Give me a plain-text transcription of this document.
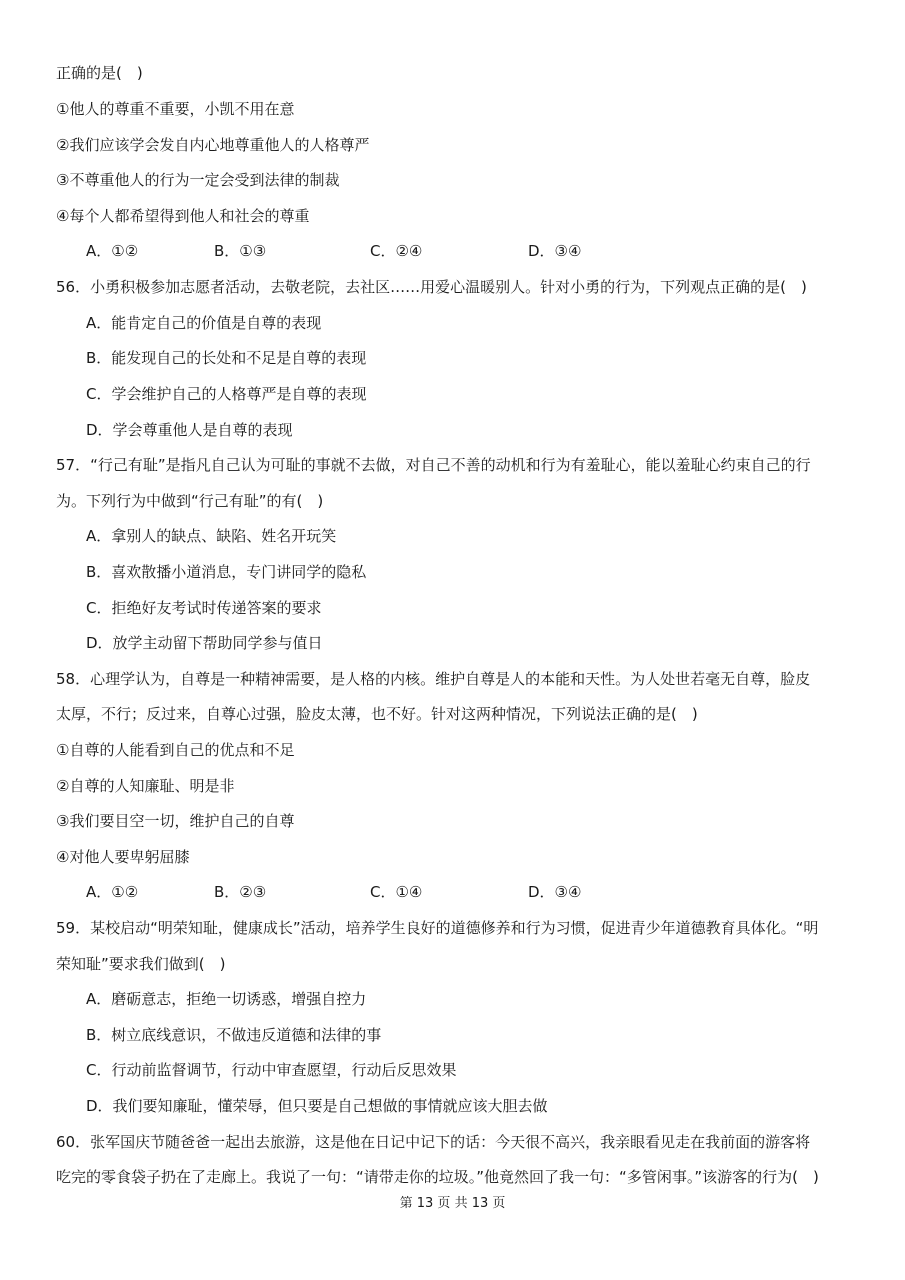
正确的是(　)
①他人的尊重不重要，小凯不用在意
②我们应该学会发自内心地尊重他人的人格尊严
③不尊重他人的行为一定会受到法律的制裁
④每个人都希望得到他人和社会的尊重
A．①②	B．①③	C．②④	D．③④
56．小勇积极参加志愿者活动，去敬老院，去社区……用爱心温暖别人。针对小勇的行为，下列观点正确的是(　)
A．能肯定自己的价值是自尊的表现
B．能发现自己的长处和不足是自尊的表现
C．学会维护自己的人格尊严是自尊的表现
D．学会尊重他人是自尊的表现
57．“行己有耻”是指凡自己认为可耻的事就不去做，对自己不善的动机和行为有羞耻心，能以羞耻心约束自己的行
为。下列行为中做到“行己有耻”的有(　)
A．拿别人的缺点、缺陷、姓名开玩笑
B．喜欢散播小道消息，专门讲同学的隐私
C．拒绝好友考试时传递答案的要求
D．放学主动留下帮助同学参与值日
58．心理学认为，自尊是一种精神需要，是人格的内核。维护自尊是人的本能和天性。为人处世若毫无自尊，脸皮
太厚，不行；反过来，自尊心过强，脸皮太薄，也不好。针对这两种情况，下列说法正确的是(　)
①自尊的人能看到自己的优点和不足
②自尊的人知廉耻、明是非
③我们要目空一切，维护自己的自尊
④对他人要卑躬屈膝
A．①②	B．②③	C．①④	D．③④
59．某校启动“明荣知耻，健康成长”活动，培养学生良好的道德修养和行为习惯，促进青少年道德教育具体化。“明
荣知耻”要求我们做到(　)
A．磨砺意志，拒绝一切诱惑，增强自控力
B．树立底线意识，不做违反道德和法律的事
C．行动前监督调节，行动中审查愿望，行动后反思效果
D．我们要知廉耻，懂荣辱，但只要是自己想做的事情就应该大胆去做
60．张军国庆节随爸爸一起出去旅游，这是他在日记中记下的话：今天很不高兴，我亲眼看见走在我前面的游客将
吃完的零食袋子扔在了走廊上。我说了一句：“请带走你的垃圾。”他竟然回了我一句：“多管闲事。”该游客的行为(　)
第 13 页 共 13 页
